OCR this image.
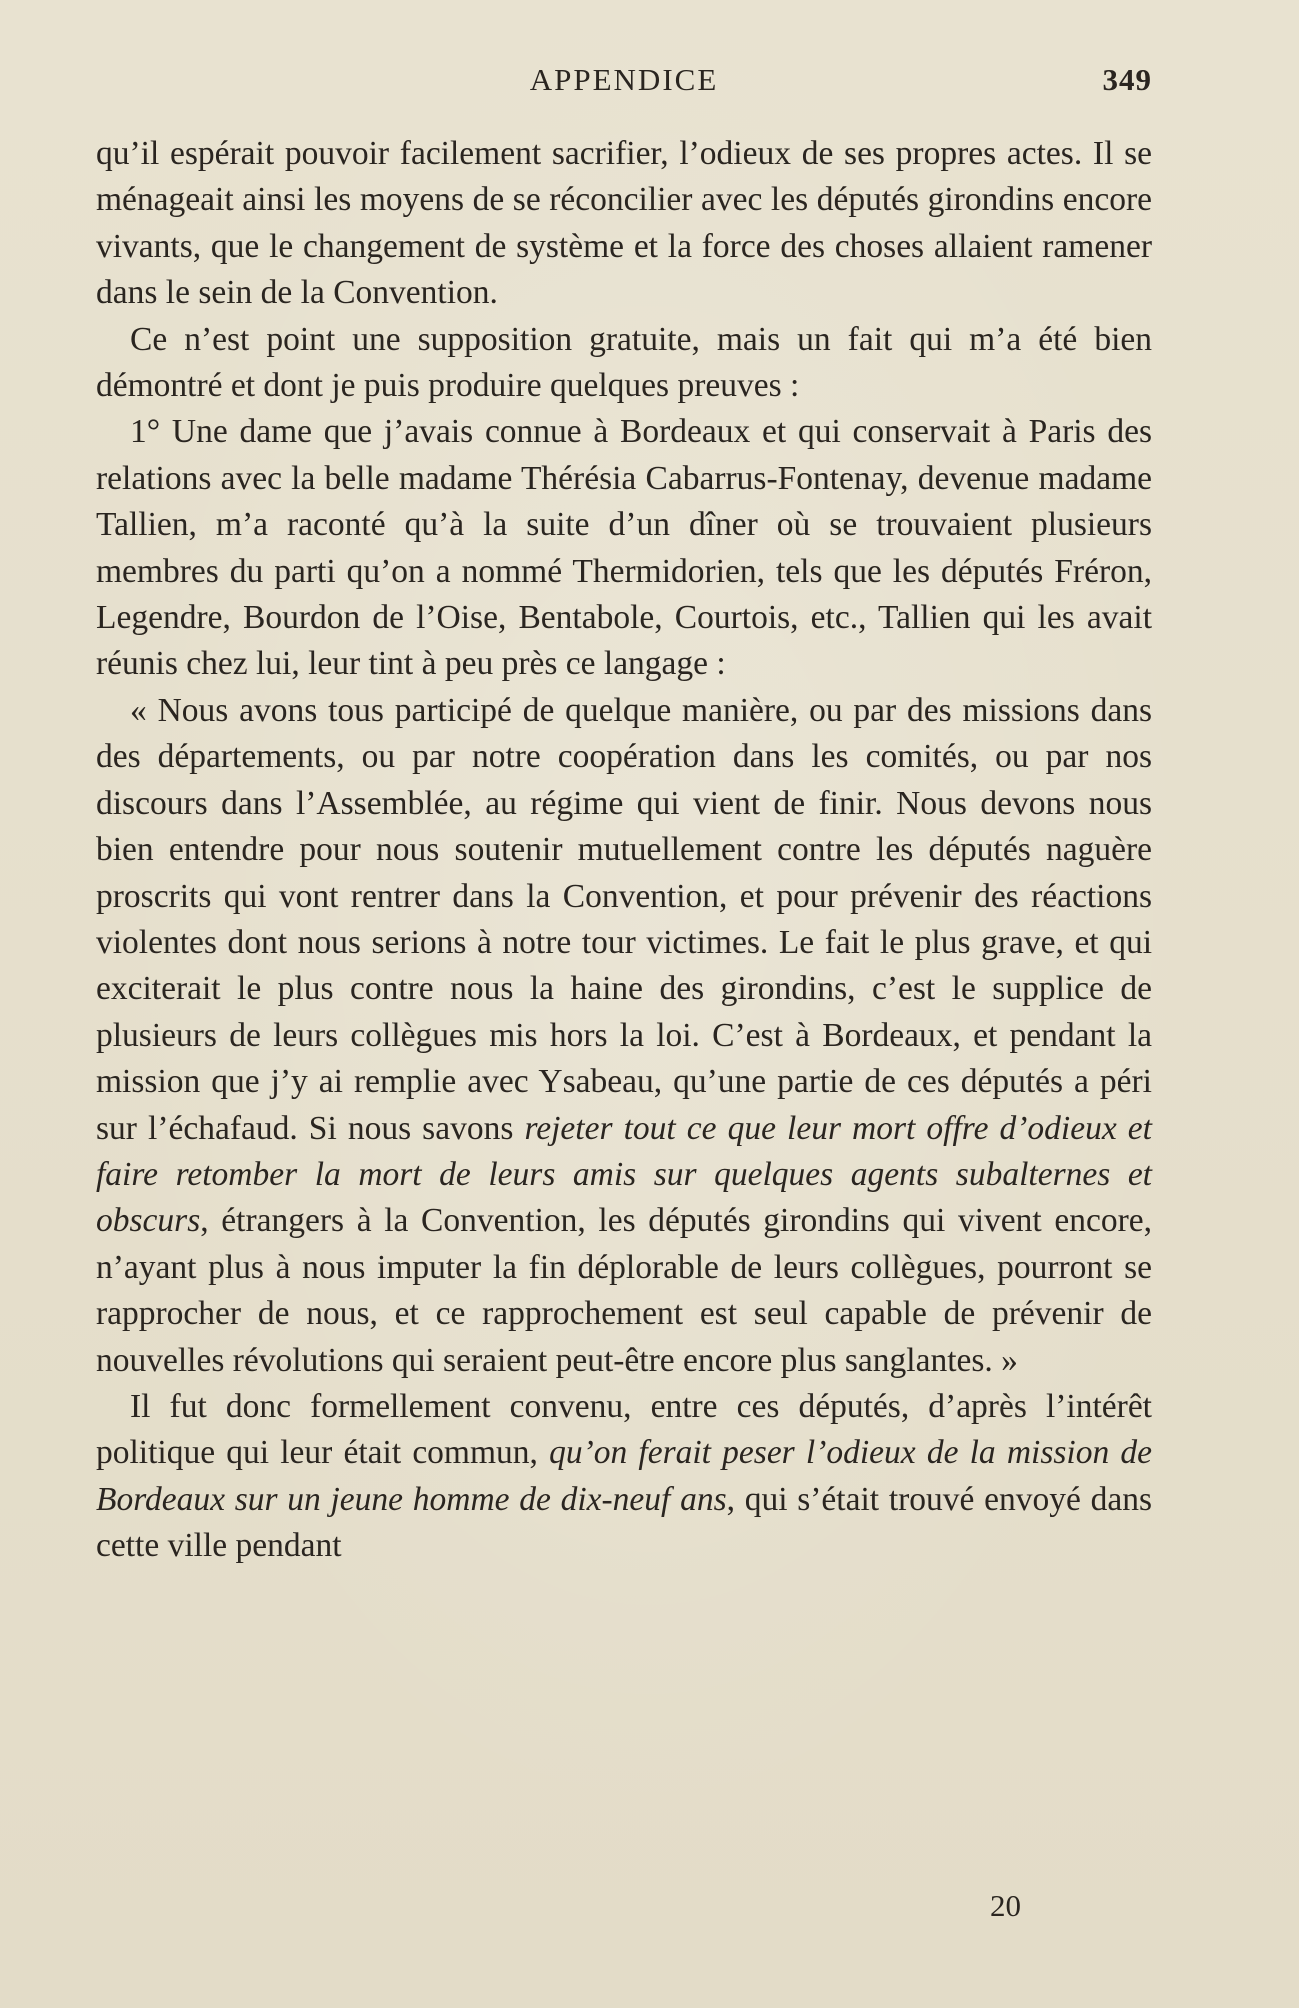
APPENDICE	349

qu’il espérait pouvoir facilement sacrifier, l’odieux de ses propres actes. Il se ménageait ainsi les moyens de se réconcilier avec les députés girondins encore vivants, que le changement de système et la force des choses allaient ramener dans le sein de la Convention.

Ce n’est point une supposition gratuite, mais un fait qui m’a été bien démontré et dont je puis produire quelques preuves :

1° Une dame que j’avais connue à Bordeaux et qui conservait à Paris des relations avec la belle madame Thérésia Cabarrus-Fontenay, devenue madame Tallien, m’a raconté qu’à la suite d’un dîner où se trouvaient plusieurs membres du parti qu’on a nommé Thermidorien, tels que les députés Fréron, Legendre, Bourdon de l’Oise, Bentabole, Courtois, etc., Tallien qui les avait réunis chez lui, leur tint à peu près ce langage :

« Nous avons tous participé de quelque manière, ou par des missions dans des départements, ou par notre coopération dans les comités, ou par nos discours dans l’Assemblée, au régime qui vient de finir. Nous devons nous bien entendre pour nous soutenir mutuellement contre les députés naguère proscrits qui vont rentrer dans la Convention, et pour prévenir des réactions violentes dont nous serions à notre tour victimes. Le fait le plus grave, et qui exciterait le plus contre nous la haine des girondins, c’est le supplice de plusieurs de leurs collègues mis hors la loi. C’est à Bordeaux, et pendant la mission que j’y ai remplie avec Ysabeau, qu’une partie de ces députés a péri sur l’échafaud. Si nous savons rejeter tout ce que leur mort offre d’odieux et faire retomber la mort de leurs amis sur quelques agents subalternes et obscurs, étrangers à la Convention, les députés girondins qui vivent encore, n’ayant plus à nous imputer la fin déplorable de leurs collègues, pourront se rapprocher de nous, et ce rapprochement est seul capable de prévenir de nouvelles révolutions qui seraient peut-être encore plus sanglantes. »

Il fut donc formellement convenu, entre ces députés, d’après l’intérêt politique qui leur était commun, qu’on ferait peser l’odieux de la mission de Bordeaux sur un jeune homme de dix-neuf ans, qui s’était trouvé envoyé dans cette ville pendant

20
